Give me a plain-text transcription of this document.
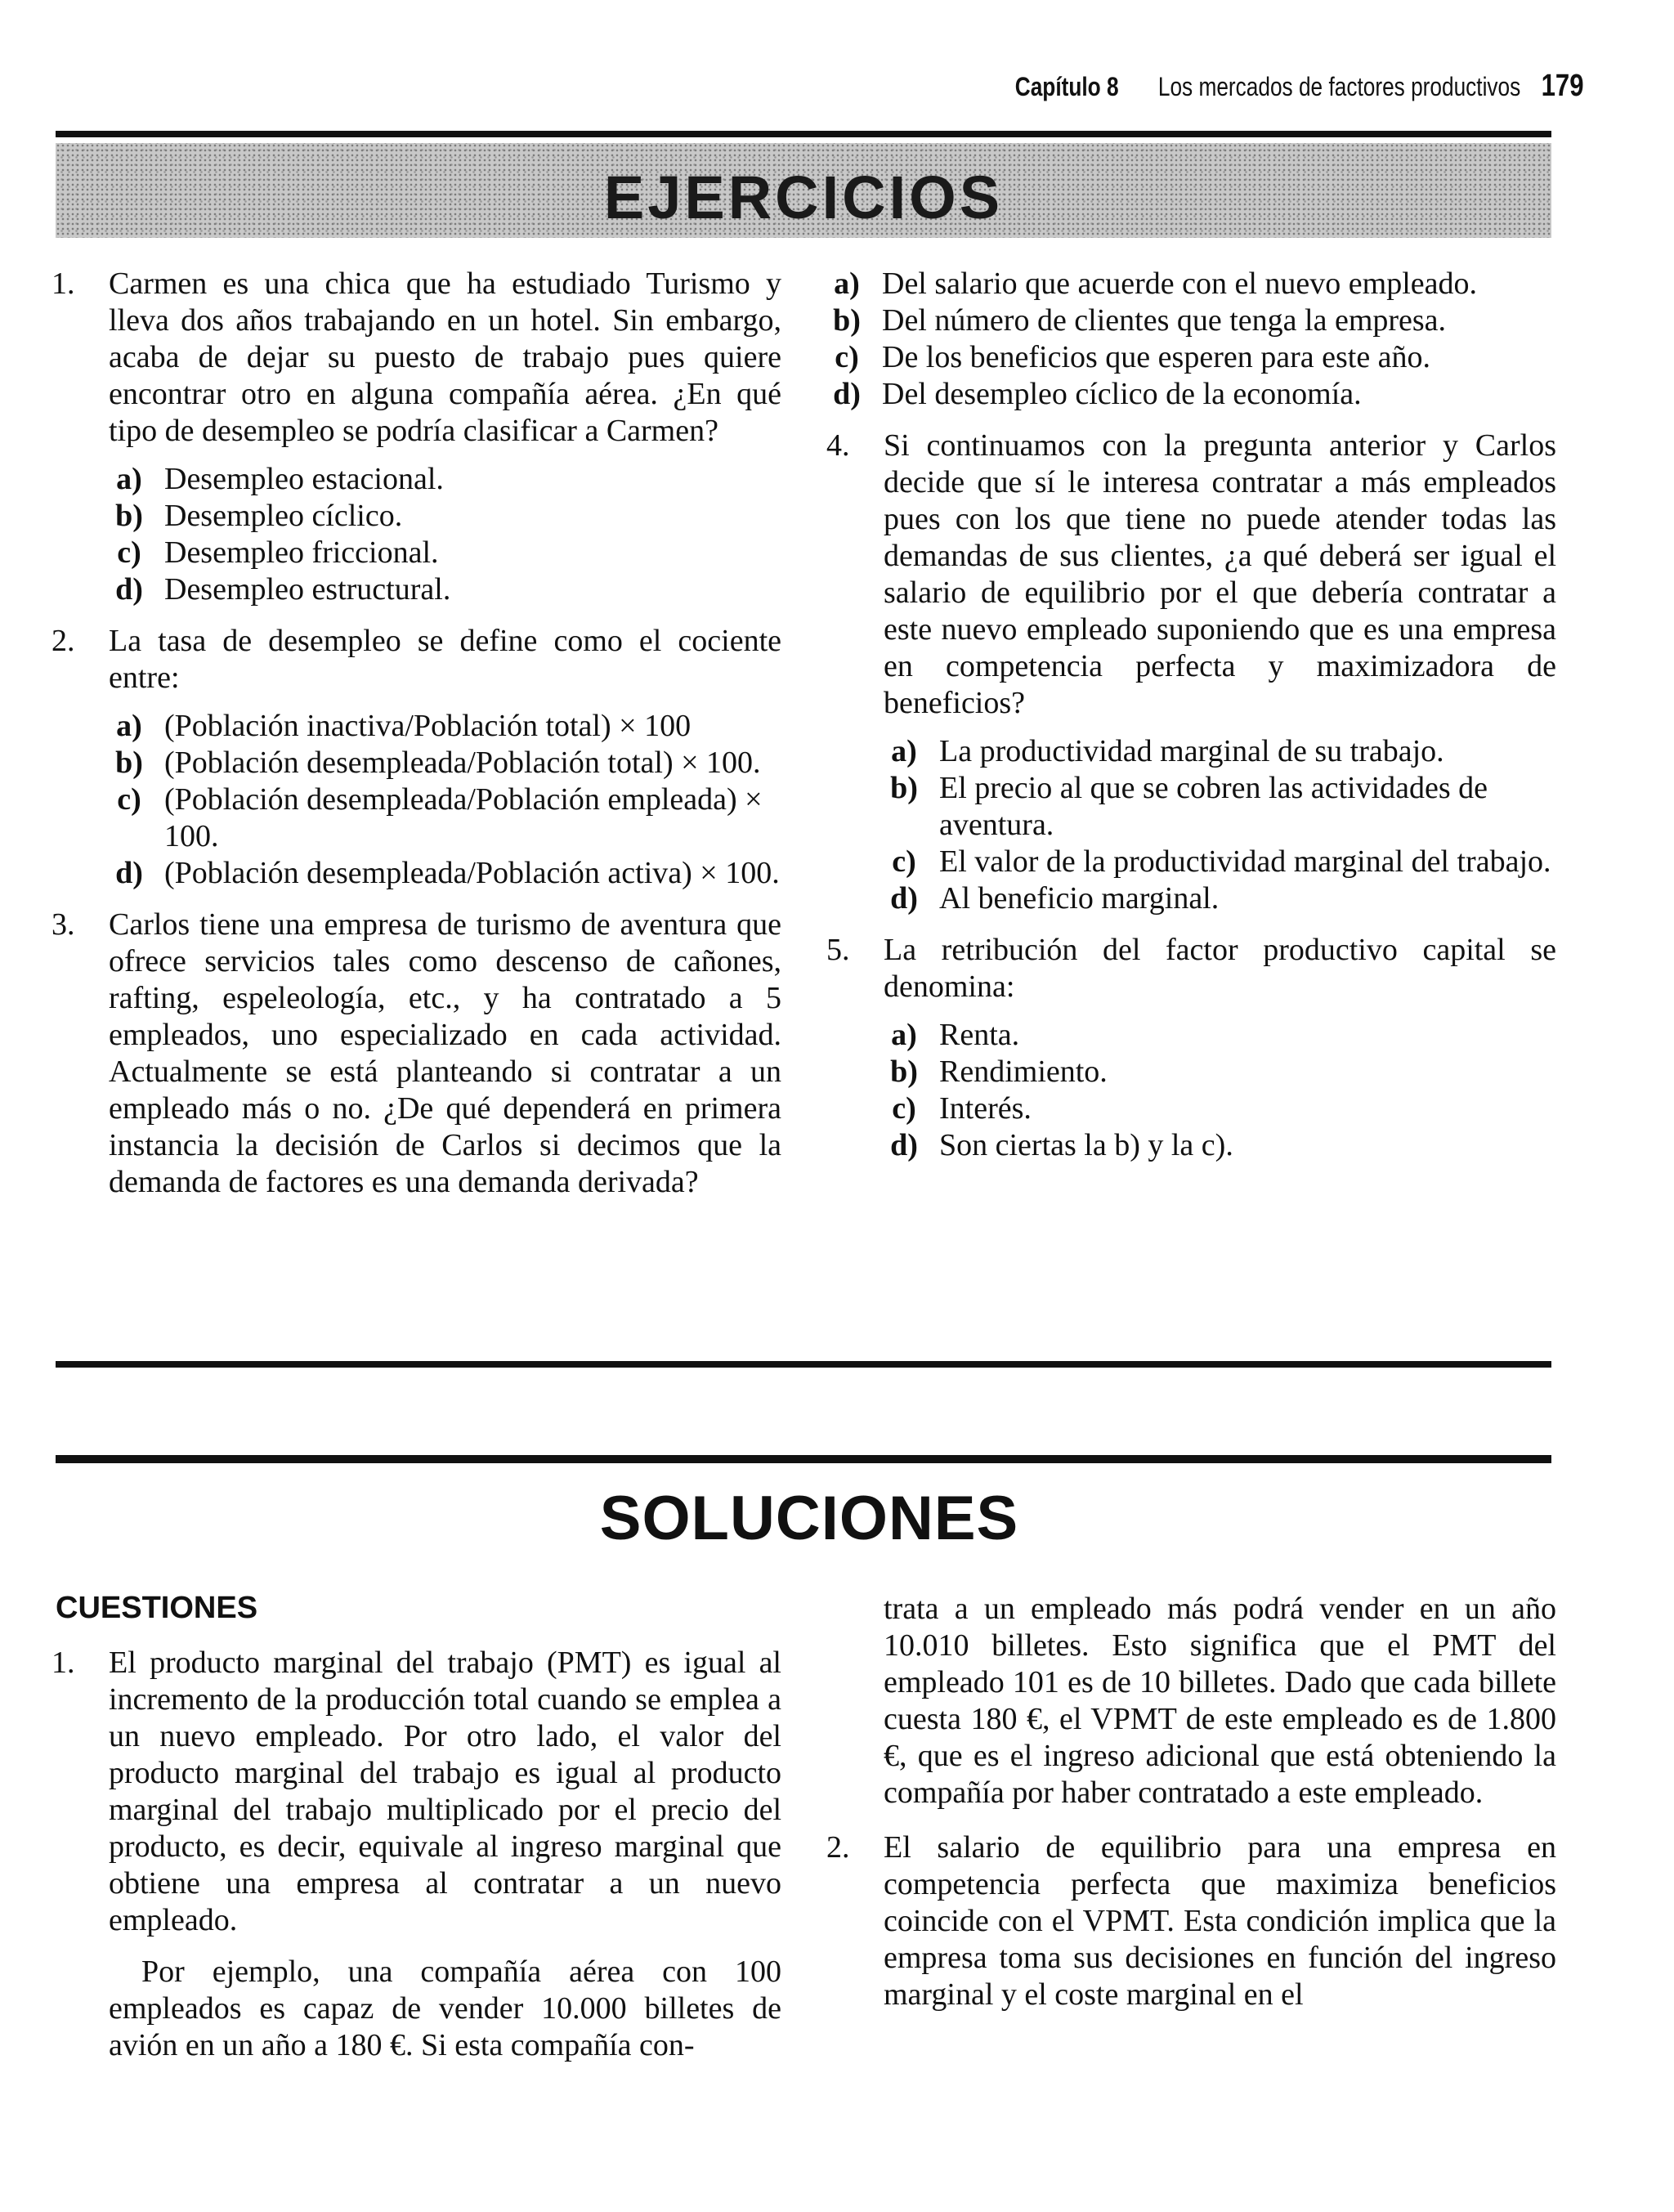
Capítulo 8 Los mercados de factores productivos 179
EJERCICIOS
1. Carmen es una chica que ha estudiado Turismo y lleva dos años trabajando en un hotel. Sin embargo, acaba de dejar su puesto de trabajo pues quiere encontrar otro en alguna compañía aérea. ¿En qué tipo de desempleo se podría clasificar a Carmen?

a) Desempleo estacional.
b) Desempleo cíclico.
c) Desempleo friccional.
d) Desempleo estructural.
2. La tasa de desempleo se define como el cociente entre:

a) (Población inactiva/Población total) × 100
b) (Población desempleada/Población total) × 100.
c) (Población desempleada/Población empleada) × 100.
d) (Población desempleada/Población activa) × 100.
3. Carlos tiene una empresa de turismo de aventura que ofrece servicios tales como descenso de cañones, rafting, espeleología, etc., y ha contratado a 5 empleados, uno especializado en cada actividad. Actualmente se está planteando si contratar a un empleado más o no. ¿De qué dependerá en primera instancia la decisión de Carlos si decimos que la demanda de factores es una demanda derivada?

a) Del salario que acuerde con el nuevo empleado.
b) Del número de clientes que tenga la empresa.
c) De los beneficios que esperen para este año.
d) Del desempleo cíclico de la economía.
4. Si continuamos con la pregunta anterior y Carlos decide que sí le interesa contratar a más empleados pues con los que tiene no puede atender todas las demandas de sus clientes, ¿a qué deberá ser igual el salario de equilibrio por el que debería contratar a este nuevo empleado suponiendo que es una empresa en competencia perfecta y maximizadora de beneficios?

a) La productividad marginal de su trabajo.
b) El precio al que se cobren las actividades de aventura.
c) El valor de la productividad marginal del trabajo.
d) Al beneficio marginal.
5. La retribución del factor productivo capital se denomina:

a) Renta.
b) Rendimiento.
c) Interés.
d) Son ciertas la b) y la c).
SOLUCIONES
CUESTIONES
1. El producto marginal del trabajo (PMT) es igual al incremento de la producción total cuando se emplea a un nuevo empleado. Por otro lado, el valor del producto marginal del trabajo es igual al producto marginal del trabajo multiplicado por el precio del producto, es decir, equivale al ingreso marginal que obtiene una empresa al contratar a un nuevo empleado.

Por ejemplo, una compañía aérea con 100 empleados es capaz de vender 10.000 billetes de avión en un año a 180 €. Si esta compañía con-

trata a un empleado más podrá vender en un año 10.010 billetes. Esto significa que el PMT del empleado 101 es de 10 billetes. Dado que cada billete cuesta 180 €, el VPMT de este empleado es de 1.800 €, que es el ingreso adicional que está obteniendo la compañía por haber contratado a este empleado.

2. El salario de equilibrio para una empresa en competencia perfecta que maximiza beneficios coincide con el VPMT. Esta condición implica que la empresa toma sus decisiones en función del ingreso marginal y el coste marginal en el
